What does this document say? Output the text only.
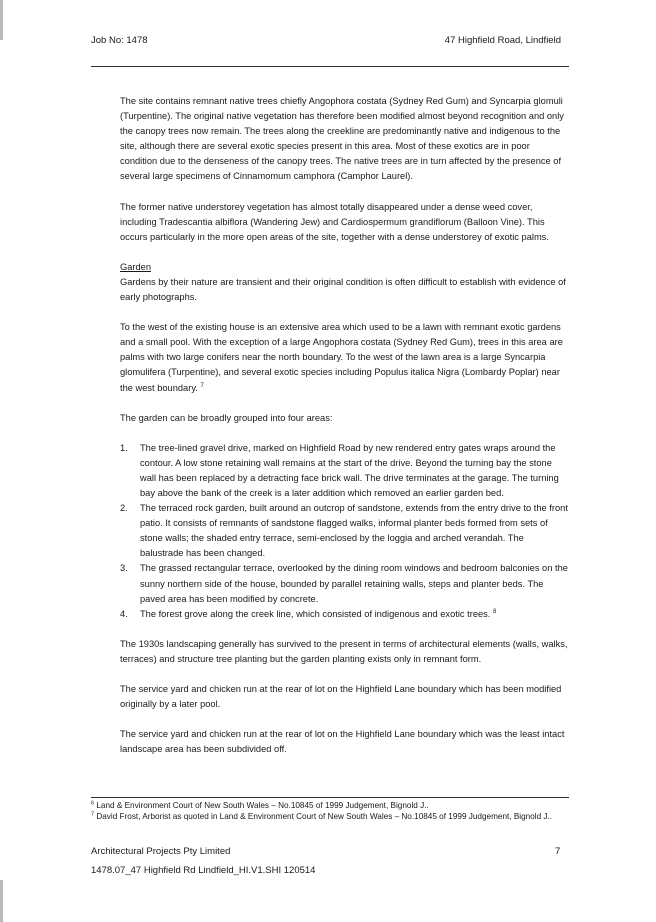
Job No: 1478	47 Highfield Road, Lindfield

The site contains remnant native trees chiefly Angophora costata (Sydney Red Gum) and Syncarpia glomuli (Turpentine). The original native vegetation has therefore been modified almost beyond recognition and only the canopy trees now remain. The trees along the creekline are predominantly native and indigenous to the site, although there are several exotic species present in this area. Most of these exotics are in poor condition due to the denseness of the canopy trees. The native trees are in turn affected by the presence of several large specimens of Cinnamomum camphora (Camphor Laurel).

The former native understorey vegetation has almost totally disappeared under a dense weed cover, including Tradescantia albiflora (Wandering Jew) and Cardiospermum grandiflorum (Balloon Vine). This occurs particularly in the more open areas of the site, together with a dense understorey of exotic palms.

Garden

Gardens by their nature are transient and their original condition is often difficult to establish with evidence of early photographs.

To the west of the existing house is an extensive area which used to be a lawn with remnant exotic gardens and a small pool. With the exception of a large Angophora costata (Sydney Red Gum), trees in this area are palms with two large conifers near the north boundary. To the west of the lawn area is a large Syncarpia glomulifera (Turpentine), and several exotic species including Populus italica Nigra (Lombardy Poplar) near the west boundary. $^7$

The garden can be broadly grouped into four areas:

1. The tree-lined gravel drive, marked on Highfield Road by new rendered entry gates wraps around the contour. A low stone retaining wall remains at the start of the drive. Beyond the turning bay the stone wall has been replaced by a detracting face brick wall. The drive terminates at the garage. The turning bay above the bank of the creek is a later addition which removed an earlier garden bed.
2. The terraced rock garden, built around an outcrop of sandstone, extends from the entry drive to the front patio. It consists of remnants of sandstone flagged walks, informal planter beds formed from sets of stone walls; the shaded entry terrace, semi-enclosed by the loggia and arched verandah. The balustrade has been changed.
3. The grassed rectangular terrace, overlooked by the dining room windows and bedroom balconies on the sunny northern side of the house, bounded by parallel retaining walls, steps and planter beds. The paved area has been modified by concrete.
4. The forest grove along the creek line, which consisted of indigenous and exotic trees. $^8$

The 1930s landscaping generally has survived to the present in terms of architectural elements (walls, walks, terraces) and structure tree planting but the garden planting exists only in remnant form.

The service yard and chicken run at the rear of lot on the Highfield Lane boundary which has been modified originally by a later pool.

The service yard and chicken run at the rear of lot on the Highfield Lane boundary which was the least intact landscape area has been subdivided off.

$^6$ Land & Environment Court of New South Wales – No.10845 of 1999 Judgement, Bignold J..
$^7$ David Frost, Arborist as quoted in Land & Environment Court of New South Wales – No.10845 of 1999 Judgement, Bignold J..
Architectural Projects Pty Limited	7
1478.07_47 Highfield Rd Lindfield_HI.V1.SHI 120514
